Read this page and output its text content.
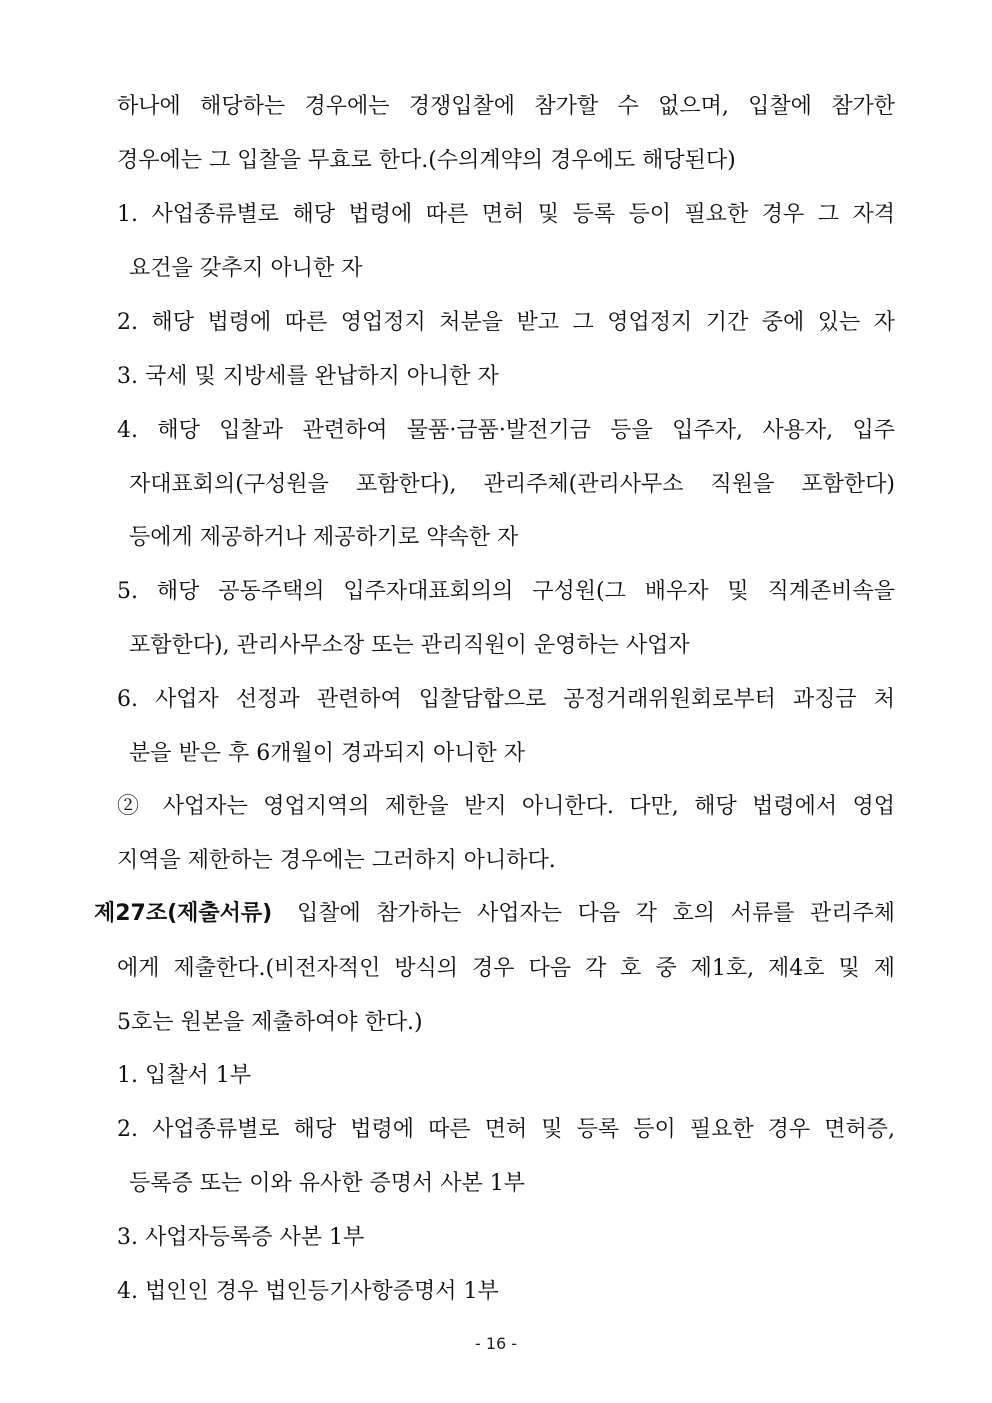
하나에 해당하는 경우에는 경쟁입찰에 참가할 수 없으며, 입찰에 참가한
경우에는 그 입찰을 무효로 한다.(수의계약의 경우에도 해당된다)
1. 사업종류별로 해당 법령에 따른 면허 및 등록 등이 필요한 경우 그 자격
요건을 갖추지 아니한 자
2. 해당 법령에 따른 영업정지 처분을 받고 그 영업정지 기간 중에 있는 자
3. 국세 및 지방세를 완납하지 아니한 자
4. 해당 입찰과 관련하여 물품·금품·발전기금 등을 입주자, 사용자, 입주
자대표회의(구성원을 포함한다), 관리주체(관리사무소 직원을 포함한다)
등에게 제공하거나 제공하기로 약속한 자
5. 해당 공동주택의 입주자대표회의의 구성원(그 배우자 및 직계존비속을
포함한다), 관리사무소장 또는 관리직원이 운영하는 사업자
6. 사업자 선정과 관련하여 입찰담합으로 공정거래위원회로부터 과징금 처
분을 받은 후 6개월이 경과되지 아니한 자
② 사업자는 영업지역의 제한을 받지 아니한다. 다만, 해당 법령에서 영업
지역을 제한하는 경우에는 그러하지 아니하다.
제27조(제출서류)	입찰에 참가하는 사업자는 다음 각 호의 서류를 관리주체
에게 제출한다.(비전자적인 방식의 경우 다음 각 호 중 제1호, 제4호 및 제
5호는 원본을 제출하여야 한다.)
1. 입찰서 1부
2. 사업종류별로 해당 법령에 따른 면허 및 등록 등이 필요한 경우 면허증,
등록증 또는 이와 유사한 증명서 사본 1부
3. 사업자등록증 사본 1부
4. 법인인 경우 법인등기사항증명서 1부
- 16 -
